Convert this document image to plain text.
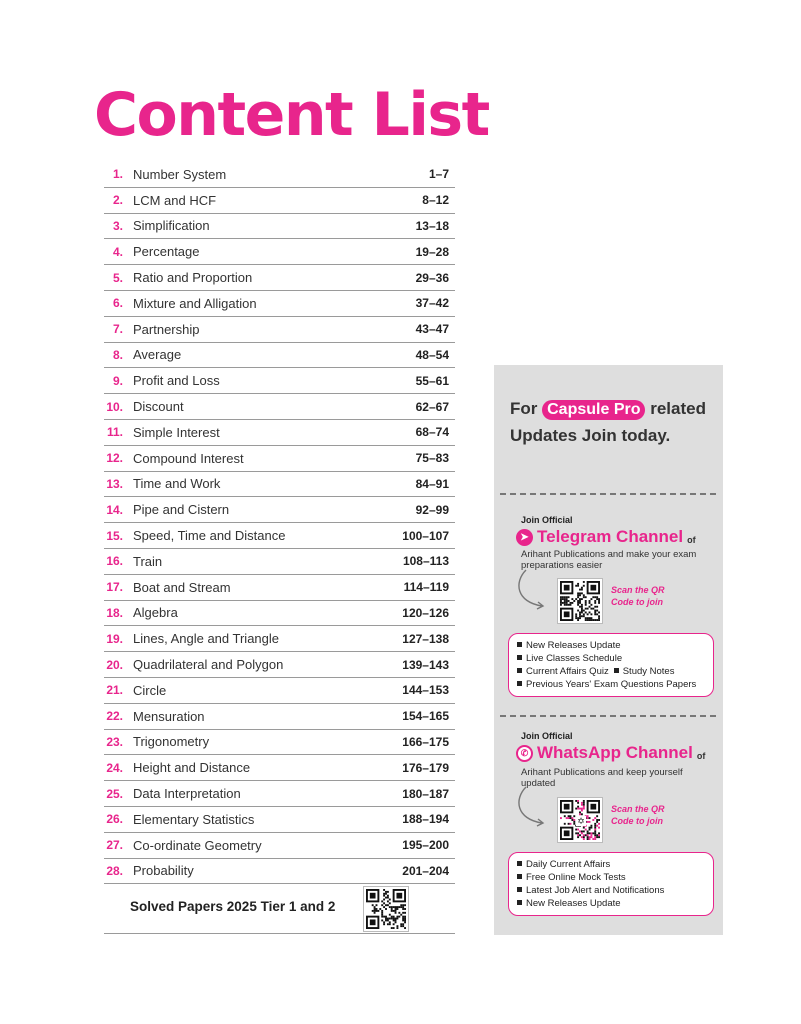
Content List
1. Number System	1–7
2. LCM and HCF	8–12
3. Simplification	13–18
4. Percentage	19–28
5. Ratio and Proportion	29–36
6. Mixture and Alligation	37–42
7. Partnership	43–47
8. Average	48–54
9. Profit and Loss	55–61
10. Discount	62–67
11. Simple Interest	68–74
12. Compound Interest	75–83
13. Time and Work	84–91
14. Pipe and Cistern	92–99
15. Speed, Time and Distance	100–107
16. Train	108–113
17. Boat and Stream	114–119
18. Algebra	120–126
19. Lines, Angle and Triangle	127–138
20. Quadrilateral and Polygon	139–143
21. Circle	144–153
22. Mensuration	154–165
23. Trigonometry	166–175
24. Height and Distance	176–179
25. Data Interpretation	180–187
26. Elementary Statistics	188–194
27. Co-ordinate Geometry	195–200
28. Probability	201–204
Solved Papers 2025 Tier 1 and 2
For Capsule Pro related
Updates Join today.
Join Official
➤ Telegram Channel of
Arihant Publications and make your exam preparations easier
Scan the QR Code to join
New Releases Update
Live Classes Schedule
Current Affairs Quiz Study Notes
Previous Years' Exam Questions Papers
Join Official
✆ WhatsApp Channel of
Arihant Publications and keep yourself updated
✡
Scan the QR Code to join
Daily Current Affairs
Free Online Mock Tests
Latest Job Alert and Notifications
New Releases Update
